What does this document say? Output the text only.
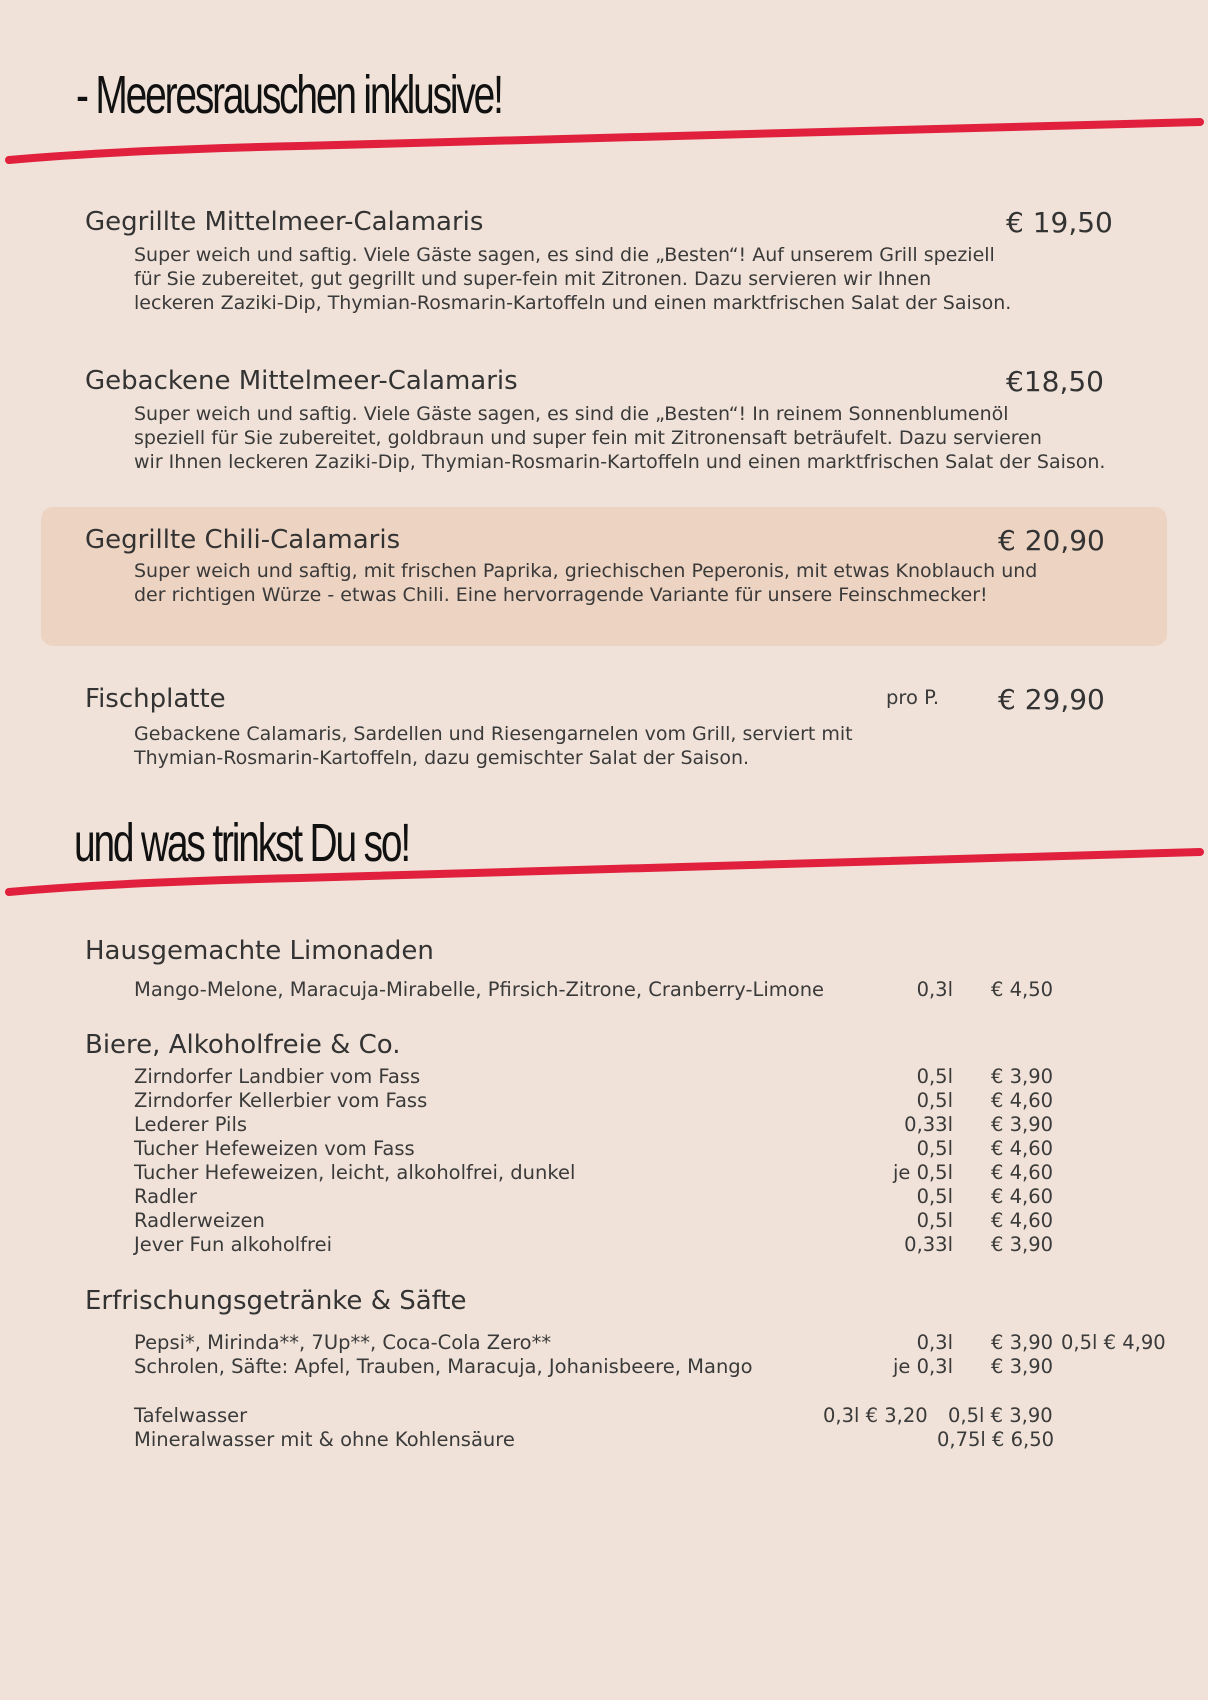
- Meeresrauschen inklusive!
Gegrillte Mittelmeer-Calamaris	€ 19,50
Super weich und saftig. Viele Gäste sagen, es sind die „Besten“! Auf unserem Grill speziell
für Sie zubereitet, gut gegrillt und super-fein mit Zitronen. Dazu servieren wir Ihnen
leckeren Zaziki-Dip, Thymian-Rosmarin-Kartoffeln und einen marktfrischen Salat der Saison.
Gebackene Mittelmeer-Calamaris	€18,50
Super weich und saftig. Viele Gäste sagen, es sind die „Besten“! In reinem Sonnenblumenöl
speziell für Sie zubereitet, goldbraun und super fein mit Zitronensaft beträufelt. Dazu servieren
wir Ihnen leckeren Zaziki-Dip, Thymian-Rosmarin-Kartoffeln und einen marktfrischen Salat der Saison.
Gegrillte Chili-Calamaris	€ 20,90
Super weich und saftig, mit frischen Paprika, griechischen Peperonis, mit etwas Knoblauch und
der richtigen Würze - etwas Chili. Eine hervorragende Variante für unsere Feinschmecker!
Fischplatte	pro P. € 29,90
Gebackene Calamaris, Sardellen und Riesengarnelen vom Grill, serviert mit
Thymian-Rosmarin-Kartoffeln, dazu gemischter Salat der Saison.
und was trinkst Du so!
Hausgemachte Limonaden
Mango-Melone, Maracuja-Mirabelle, Pfirsich-Zitrone, Cranberry-Limone	0,3l € 4,50
Biere, Alkoholfreie & Co.
Zirndorfer Landbier vom Fass	0,5l € 3,90
Zirndorfer Kellerbier vom Fass	0,5l € 4,60
Lederer Pils	0,33l € 3,90
Tucher Hefeweizen vom Fass	0,5l € 4,60
Tucher Hefeweizen, leicht, alkoholfrei, dunkel	je 0,5l € 4,60
Radler	0,5l € 4,60
Radlerweizen	0,5l € 4,60
Jever Fun alkoholfrei	0,33l € 3,90
Erfrischungsgetränke & Säfte
Pepsi*, Mirinda**, 7Up**, Coca-Cola Zero**	0,3l € 3,90 0,5l € 4,90
Schrolen, Säfte: Apfel, Trauben, Maracuja, Johanisbeere, Mango	je 0,3l € 3,90
Tafelwasser	0,3l € 3,20 0,5l € 3,90
Mineralwasser mit & ohne Kohlensäure	0,75l € 6,50
